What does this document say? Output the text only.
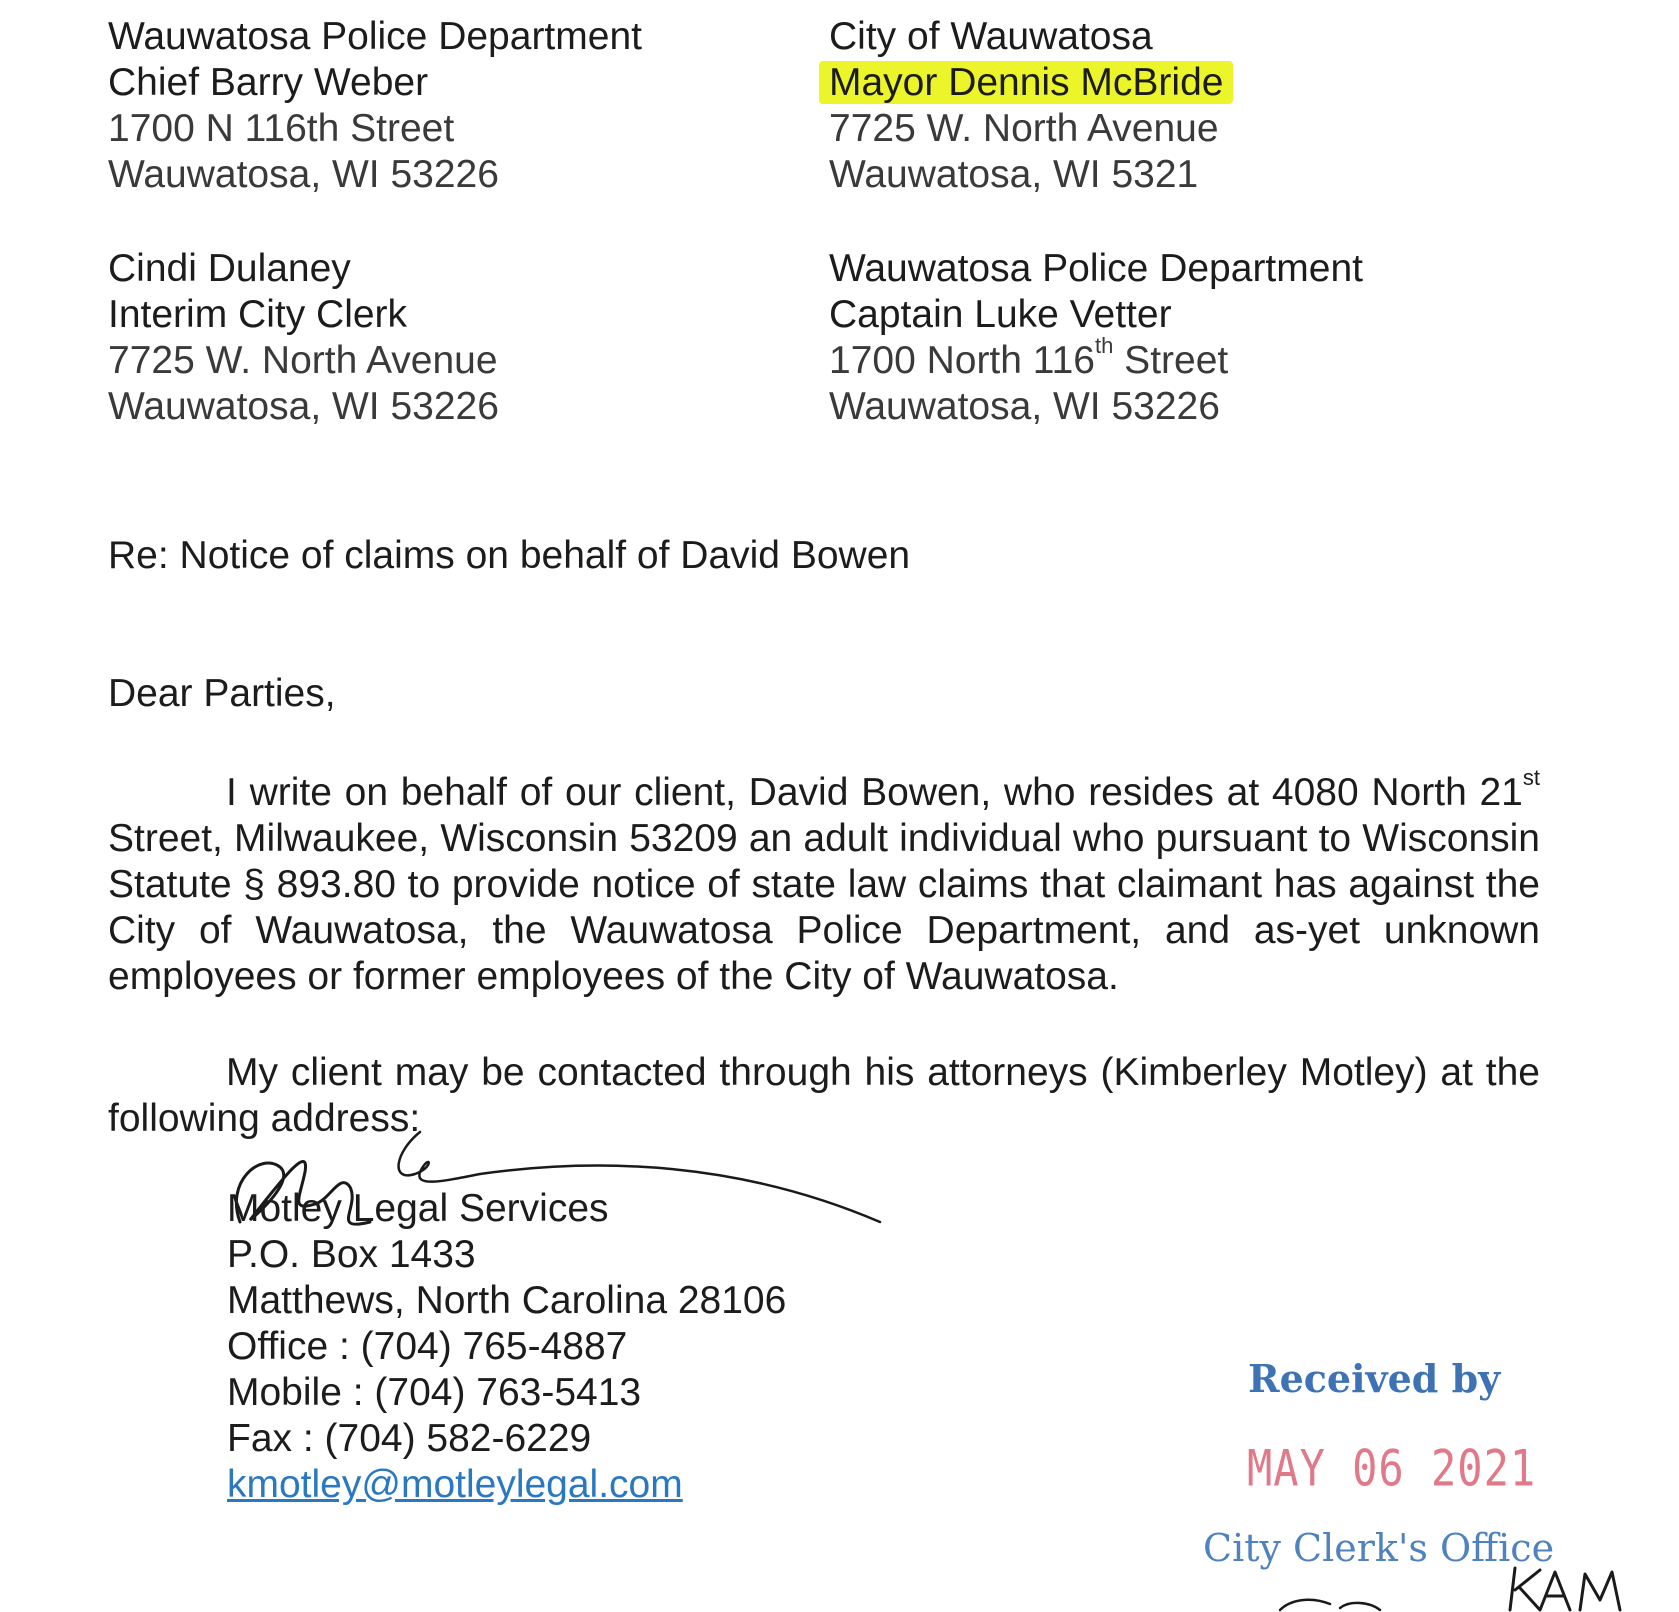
Wauwatosa Police Department
Chief Barry Weber
1700 N 116th Street
Wauwatosa, WI 53226
City of Wauwatosa
Mayor Dennis McBride
7725 W. North Avenue
Wauwatosa, WI 5321
Cindi Dulaney
Interim City Clerk
7725 W. North Avenue
Wauwatosa, WI 53226
Wauwatosa Police Department
Captain Luke Vetter
1700 North 116th Street
Wauwatosa, WI 53226
Re: Notice of claims on behalf of David Bowen
Dear Parties,
I write on behalf of our client, David Bowen, who resides at 4080 North 21st Street, Milwaukee, Wisconsin 53209 an adult individual who pursuant to Wisconsin Statute § 893.80 to provide notice of state law claims that claimant has against the City of Wauwatosa, the Wauwatosa Police Department, and as-yet unknown employees or former employees of the City of Wauwatosa.
My client may be contacted through his attorneys (Kimberley Motley) at the following address:
Motley Legal Services
P.O. Box 1433
Matthews, North Carolina 28106
Office : (704) 765-4887
Mobile : (704) 763-5413
Fax : (704) 582-6229
kmotley@motleylegal.com
Received by
MAY 06 2021
City Clerk's Office
